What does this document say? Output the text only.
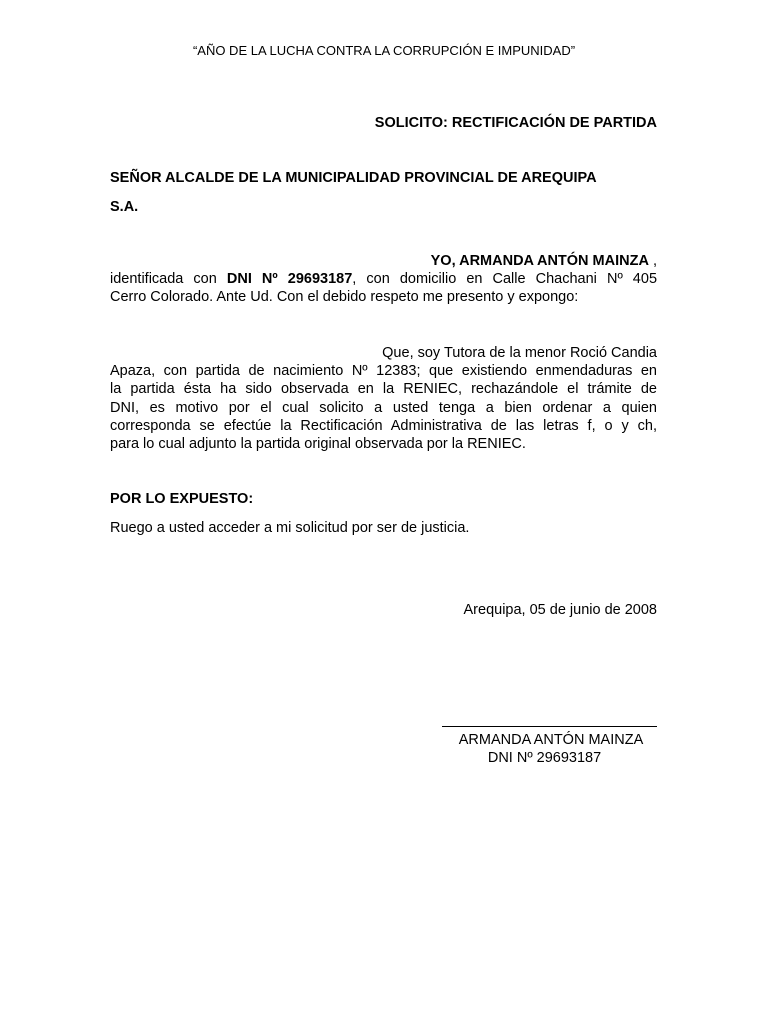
“AÑO DE LA LUCHA CONTRA LA CORRUPCIÓN E IMPUNIDAD”
SOLICITO: RECTIFICACIÓN DE PARTIDA
SEÑOR ALCALDE DE LA MUNICIPALIDAD PROVINCIAL DE AREQUIPA
S.A.
YO, ARMANDA ANTÓN MAINZA ,
identificada con DNI Nº 29693187, con domicilio en Calle Chachani Nº 405
Cerro Colorado. Ante Ud. Con el debido respeto me presento y expongo:
Que, soy Tutora de la menor Roció Candia
Apaza, con partida de nacimiento Nº 12383; que existiendo enmendaduras en
la partida ésta ha sido observada en la RENIEC, rechazándole el trámite de
DNI, es motivo por el cual solicito a usted tenga a bien ordenar a quien
corresponda se efectúe la Rectificación Administrativa de las letras f, o y ch,
para lo cual adjunto la partida original observada por la RENIEC.
POR LO EXPUESTO:
Ruego a usted acceder a mi solicitud por ser de justicia.
Arequipa, 05 de junio de 2008
ARMANDA ANTÓN MAINZA
DNI Nº 29693187
